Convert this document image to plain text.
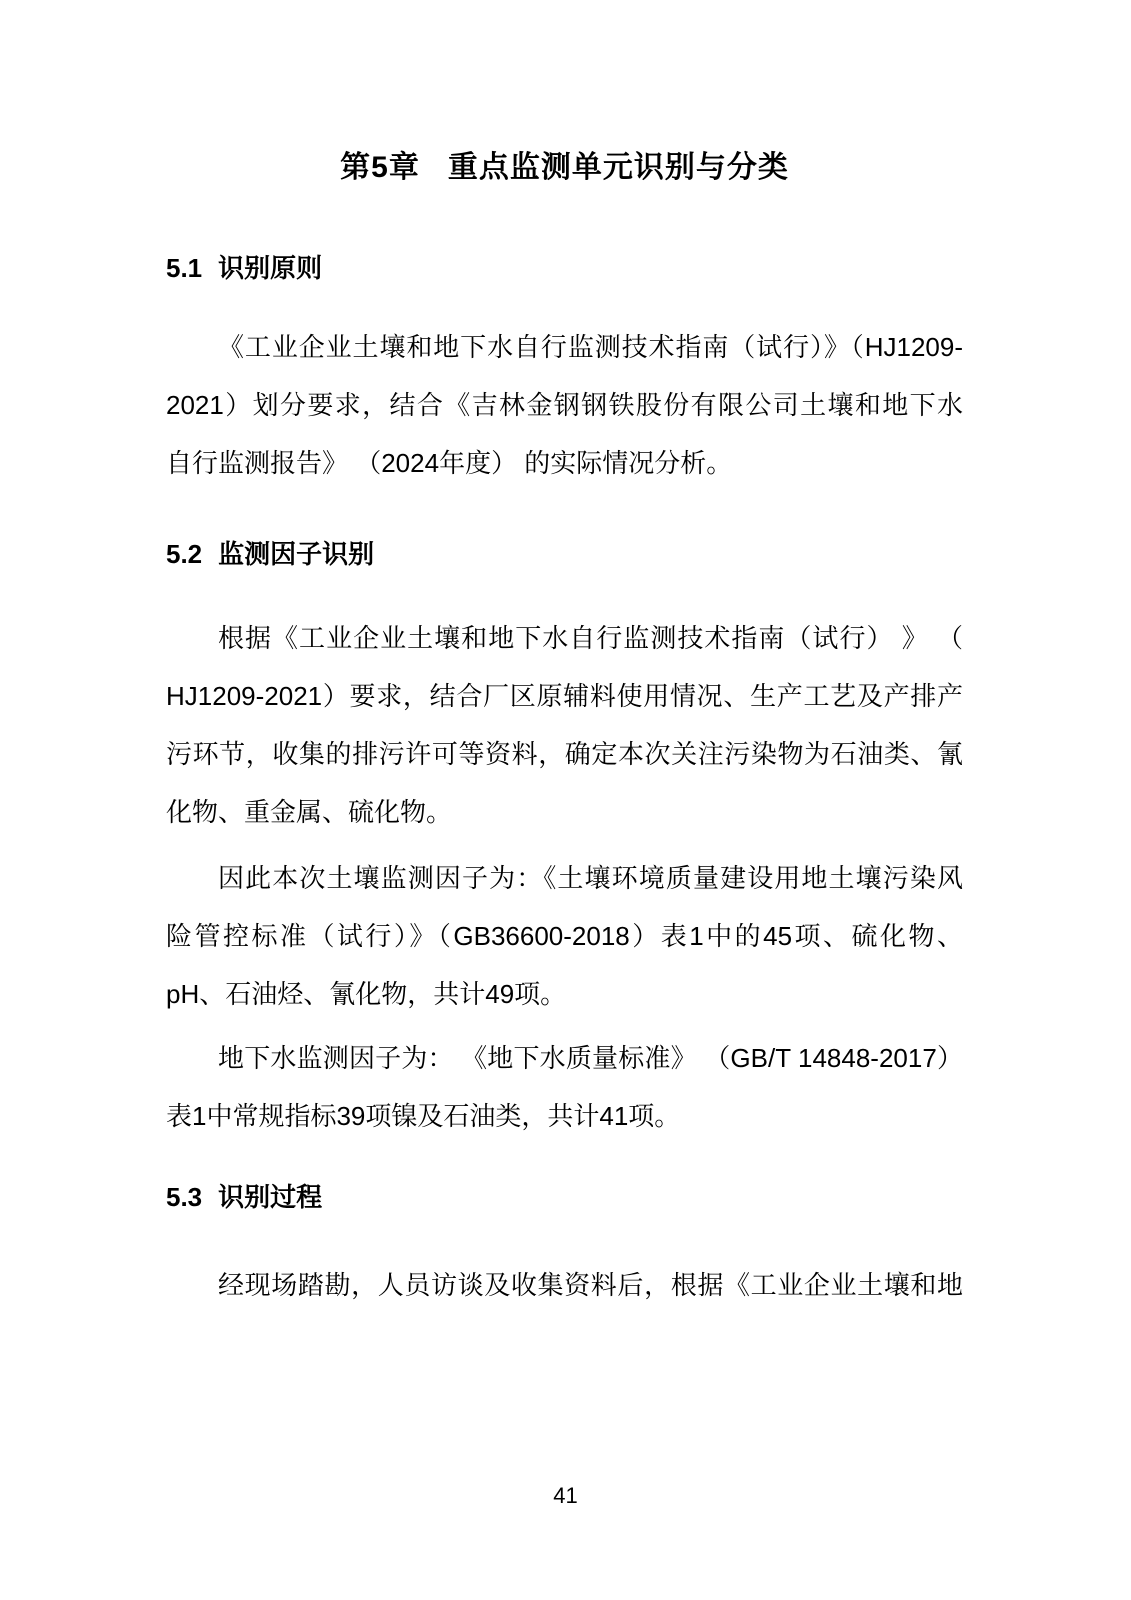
第5章 重点监测单元识别与分类
5.1 识别原则
《工业企业土壤和地下水自行监测技术指南（试行）》（HJ1209-
2021）划分要求，结合《吉林金钢钢铁股份有限公司土壤和地下水
自行监测报告》 （2024年度） 的实际情况分析。
5.2 监测因子识别
根据《工业企业土壤和地下水自行监测技术指南（试行） 》 （
HJ1209-2021）要求，结合厂区原辅料使用情况、生产工艺及产排产
污环节，收集的排污许可等资料，确定本次关注污染物为石油类、氰
化物、重金属、硫化物。
因此本次土壤监测因子为：《土壤环境质量建设用地土壤污染风
险管控标准（试行）》（GB36600-2018）表1中的45项、硫化物、
pH、石油烃、氰化物，共计49项。
地下水监测因子为： 《地下水质量标准》 （GB/T 14848-2017）
表1中常规指标39项镍及石油类，共计41项。
5.3 识别过程
经现场踏勘，人员访谈及收集资料后，根据《工业企业土壤和地
41
